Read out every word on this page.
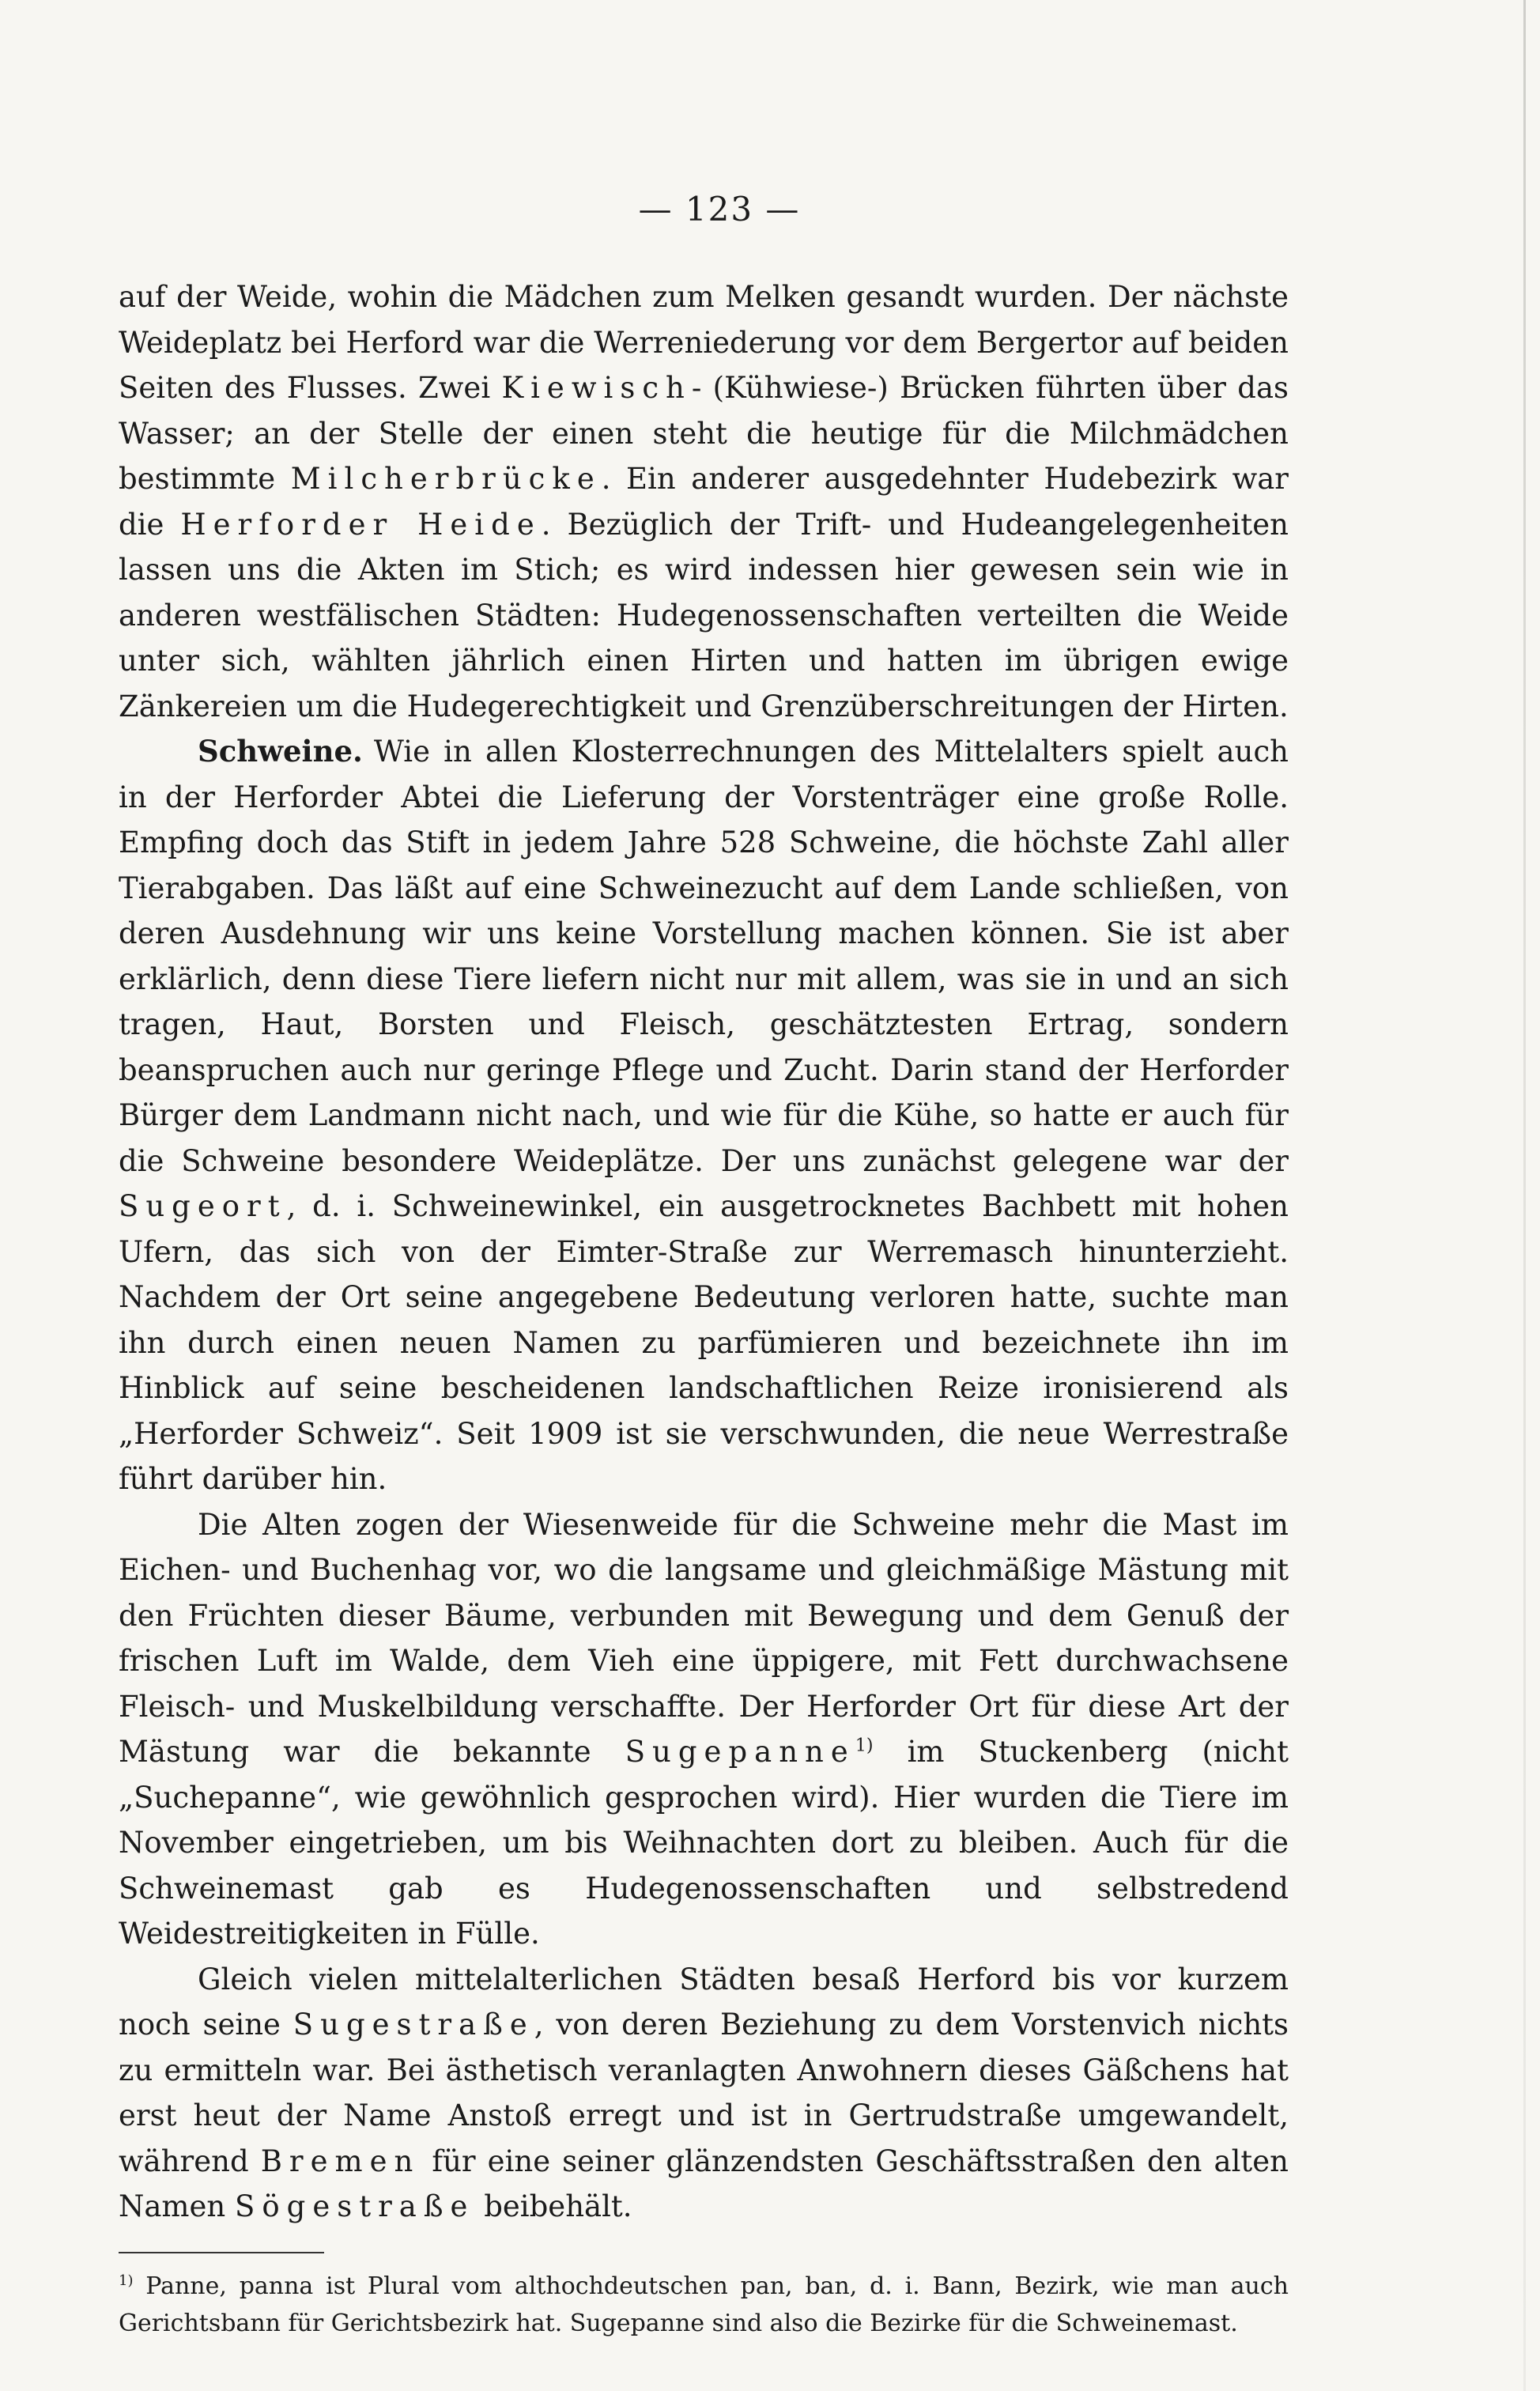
— 123 —

auf der Weide, wohin die Mädchen zum Melken gesandt wurden. Der nächste Weideplatz bei Herford war die Werreniederung vor dem Bergertor auf beiden Seiten des Flusses. Zwei Kiewisch- (Kühwiese-) Brücken führten über das Wasser; an der Stelle der einen steht die heutige für die Milchmädchen bestimmte Milcherbrücke. Ein anderer ausgedehnter Hudebezirk war die Herforder Heide. Bezüglich der Trift- und Hudeangelegenheiten lassen uns die Akten im Stich; es wird indessen hier gewesen sein wie in anderen westfälischen Städten: Hudegenossenschaften verteilten die Weide unter sich, wählten jährlich einen Hirten und hatten im übrigen ewige Zänkereien um die Hudegerechtigkeit und Grenzüberschreitungen der Hirten.

Schweine. Wie in allen Klosterrechnungen des Mittelalters spielt auch in der Herforder Abtei die Lieferung der Vorstenträger eine große Rolle. Empfing doch das Stift in jedem Jahre 528 Schweine, die höchste Zahl aller Tierabgaben. Das läßt auf eine Schweinezucht auf dem Lande schließen, von deren Ausdehnung wir uns keine Vorstellung machen können. Sie ist aber erklärlich, denn diese Tiere liefern nicht nur mit allem, was sie in und an sich tragen, Haut, Borsten und Fleisch, geschätztesten Ertrag, sondern beanspruchen auch nur geringe Pflege und Zucht. Darin stand der Herforder Bürger dem Landmann nicht nach, und wie für die Kühe, so hatte er auch für die Schweine besondere Weideplätze. Der uns zunächst gelegene war der Sugeort, d. i. Schweinewinkel, ein ausgetrocknetes Bachbett mit hohen Ufern, das sich von der Eimter-Straße zur Werremasch hinunterzieht. Nachdem der Ort seine angegebene Bedeutung verloren hatte, suchte man ihn durch einen neuen Namen zu parfümieren und bezeichnete ihn im Hinblick auf seine bescheidenen landschaftlichen Reize ironisierend als „Herforder Schweiz“. Seit 1909 ist sie verschwunden, die neue Werrestraße führt darüber hin.

Die Alten zogen der Wiesenweide für die Schweine mehr die Mast im Eichen- und Buchenhag vor, wo die langsame und gleichmäßige Mästung mit den Früchten dieser Bäume, verbunden mit Bewegung und dem Genuß der frischen Luft im Walde, dem Vieh eine üppigere, mit Fett durchwachsene Fleisch- und Muskelbildung verschaffte. Der Herforder Ort für diese Art der Mästung war die bekannte Sugepanne$^{1)}$ im Stuckenberg (nicht „Suchepanne“, wie gewöhnlich gesprochen wird). Hier wurden die Tiere im November eingetrieben, um bis Weihnachten dort zu bleiben. Auch für die Schweinemast gab es Hudegenossenschaften und selbstredend Weidestreitigkeiten in Fülle.

Gleich vielen mittelalterlichen Städten besaß Herford bis vor kurzem noch seine Sugestraße, von deren Beziehung zu dem Vorstenvich nichts zu ermitteln war. Bei ästhetisch veranlagten Anwohnern dieses Gäßchens hat erst heut der Name Anstoß erregt und ist in Gertrudstraße umgewandelt, während Bremen für eine seiner glänzendsten Geschäftsstraßen den alten Namen Sögestraße beibehält.

$^{1)}$ Panne, panna ist Plural vom althochdeutschen pan, ban, d. i. Bann, Bezirk, wie man auch Gerichtsbann für Gerichtsbezirk hat. Sugepanne sind also die Bezirke für die Schweinemast.
